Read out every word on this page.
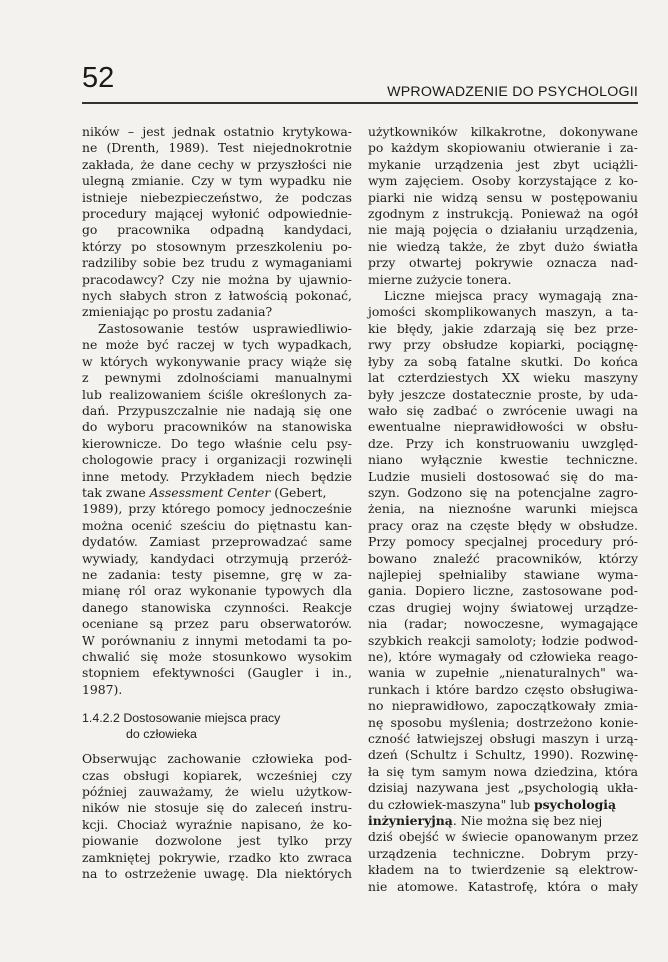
52	WPROWADZENIE DO PSYCHOLOGII
ników – jest jednak ostatnio krytykowa-
ne (Drenth, 1989). Test niejednokrotnie
zakłada, że dane cechy w przyszłości nie
ulegną zmianie. Czy w tym wypadku nie
istnieje niebezpieczeństwo, że podczas
procedury mającej wyłonić odpowiednie-
go pracownika odpadną kandydaci,
którzy po stosownym przeszkoleniu po-
radziliby sobie bez trudu z wymaganiami
pracodawcy? Czy nie można by ujawnio-
nych słabych stron z łatwością pokonać,
zmieniając po prostu zadania?
Zastosowanie testów usprawiedliwio-
ne może być raczej w tych wypadkach,
w których wykonywanie pracy wiąże się
z pewnymi zdolnościami manualnymi
lub realizowaniem ściśle określonych za-
dań. Przypuszczalnie nie nadają się one
do wyboru pracowników na stanowiska
kierownicze. Do tego właśnie celu psy-
chologowie pracy i organizacji rozwinęli
inne metody. Przykładem niech będzie
tak zwane Assessment Center (Gebert,
1989), przy którego pomocy jednocześnie
można ocenić sześciu do piętnastu kan-
dydatów. Zamiast przeprowadzać same
wywiady, kandydaci otrzymują przeróż-
ne zadania: testy pisemne, grę w za-
mianę ról oraz wykonanie typowych dla
danego stanowiska czynności. Reakcje
oceniane są przez paru obserwatorów.
W porównaniu z innymi metodami ta po-
chwalić się może stosunkowo wysokim
stopniem efektywności (Gaugler i in.,
1987).
1.4.2.2 Dostosowanie miejsca pracy
do człowieka
Obserwując zachowanie człowieka pod-
czas obsługi kopiarek, wcześniej czy
później zauważamy, że wielu użytkow-
ników nie stosuje się do zaleceń instru-
kcji. Chociaż wyraźnie napisano, że ko-
piowanie dozwolone jest tylko przy
zamkniętej pokrywie, rzadko kto zwraca
na to ostrzeżenie uwagę. Dla niektórych
użytkowników kilkakrotne, dokonywane
po każdym skopiowaniu otwieranie i za-
mykanie urządzenia jest zbyt uciążli-
wym zajęciem. Osoby korzystające z ko-
piarki nie widzą sensu w postępowaniu
zgodnym z instrukcją. Ponieważ na ogół
nie mają pojęcia o działaniu urządzenia,
nie wiedzą także, że zbyt dużo światła
przy otwartej pokrywie oznacza nad-
mierne zużycie tonera.
Liczne miejsca pracy wymagają zna-
jomości skomplikowanych maszyn, a ta-
kie błędy, jakie zdarzają się bez prze-
rwy przy obsłudze kopiarki, pociągnę-
łyby za sobą fatalne skutki. Do końca
lat czterdziestych XX wieku maszyny
były jeszcze dostatecznie proste, by uda-
wało się zadbać o zwrócenie uwagi na
ewentualne nieprawidłowości w obsłu-
dze. Przy ich konstruowaniu uwzględ-
niano wyłącznie kwestie techniczne.
Ludzie musieli dostosować się do ma-
szyn. Godzono się na potencjalne zagro-
żenia, na nieznośne warunki miejsca
pracy oraz na częste błędy w obsłudze.
Przy pomocy specjalnej procedury pró-
bowano znaleźć pracowników, którzy
najlepiej spełnialiby stawiane wyma-
gania. Dopiero liczne, zastosowane pod-
czas drugiej wojny światowej urządze-
nia (radar; nowoczesne, wymagające
szybkich reakcji samoloty; łodzie podwod-
ne), które wymagały od człowieka reago-
wania w zupełnie „nienaturalnych" wa-
runkach i które bardzo często obsługiwa-
no nieprawidłowo, zapoczątkowały zmia-
nę sposobu myślenia; dostrzeżono konie-
czność łatwiejszej obsługi maszyn i urzą-
dzeń (Schultz i Schultz, 1990). Rozwinę-
ła się tym samym nowa dziedzina, która
dzisiaj nazywana jest „psychologią ukła-
du człowiek-maszyna" lub psychologią
inżynieryjną. Nie można się bez niej
dziś obejść w świecie opanowanym przez
urządzenia techniczne. Dobrym przy-
kładem na to twierdzenie są elektrow-
nie atomowe. Katastrofę, która o mały
